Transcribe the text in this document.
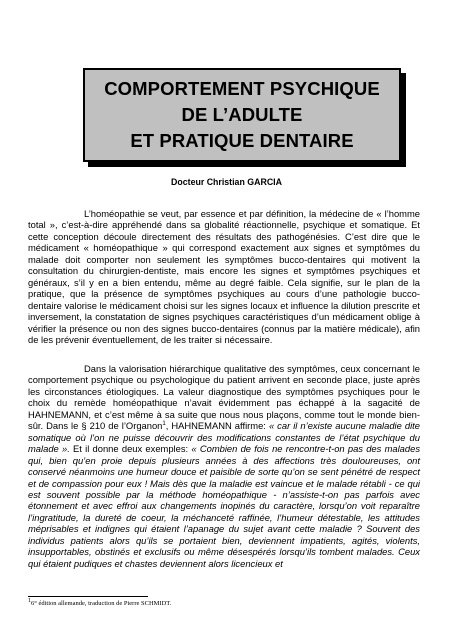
COMPORTEMENT PSYCHIQUE
DE L’ADULTE
ET PRATIQUE DENTAIRE
Docteur Christian GARCIA

L’homéopathie se veut, par essence et par définition, la médecine de « l’homme total », c’est-à-dire appréhendé dans sa globalité réactionnelle, psychique et somatique. Et cette conception découle directement des résultats des pathogénésies. C’est dire que le médicament « homéopathique » qui correspond exactement aux signes et symptômes du malade doit comporter non seulement les symptômes bucco-dentaires qui motivent la consultation du chirurgien-dentiste, mais encore les signes et symptômes psychiques et généraux, s’il y en a bien entendu, même au degré faible. Cela signifie, sur le plan de la pratique, que la présence de symptômes psychiques au cours d’une pathologie bucco-dentaire valorise le médicament choisi sur les signes locaux et influence la dilution prescrite et inversement, la constatation de signes psychiques caractéristiques d’un médicament oblige à vérifier la présence ou non des signes bucco-dentaires (connus par la matière médicale), afin de les prévenir éventuellement, de les traiter si nécessaire.

Dans la valorisation hiérarchique qualitative des symptômes, ceux concernant le comportement psychique ou psychologique du patient arrivent en seconde place, juste après les circonstances étiologiques. La valeur diagnostique des symptômes psychiques pour le choix du remède homéopathique n’avait évidemment pas échappé à la sagacité de HAHNEMANN, et c’est même à sa suite que nous nous plaçons, comme tout le monde bien-sûr. Dans le § 210 de l’Organon$^1$, HAHNEMANN affirme: « car il n’existe aucune maladie dite somatique où l’on ne puisse découvrir des modifications constantes de l’état psychique du malade ». Et il donne deux exemples: « Combien de fois ne rencontre-t-on pas des malades qui, bien qu’en proie depuis plusieurs années à des affections très douloureuses, ont conservé néanmoins une humeur douce et paisible de sorte qu’on se sent pénétré de respect et de compassion pour eux ! Mais dès que la maladie est vaincue et le malade rétabli - ce qui est souvent possible par la méthode homéopathique - n’assiste-t-on pas parfois avec étonnement et avec effroi aux changements inopinés du caractère, lorsqu’on voit reparaître l’ingratitude, la dureté de coeur, la méchanceté raffinée, l’humeur détestable, les attitudes méprisables et indignes qui étaient l’apanage du sujet avant cette maladie ? Souvent des individus patients alors qu’ils se portaient bien, deviennent impatients, agités, violents, insupportables, obstinés et exclusifs ou même désespérés lorsqu’ils tombent malades. Ceux qui étaient pudiques et chastes deviennent alors licencieux et

$^1$6° édition allemande, traduction de Pierre SCHMIDT.
